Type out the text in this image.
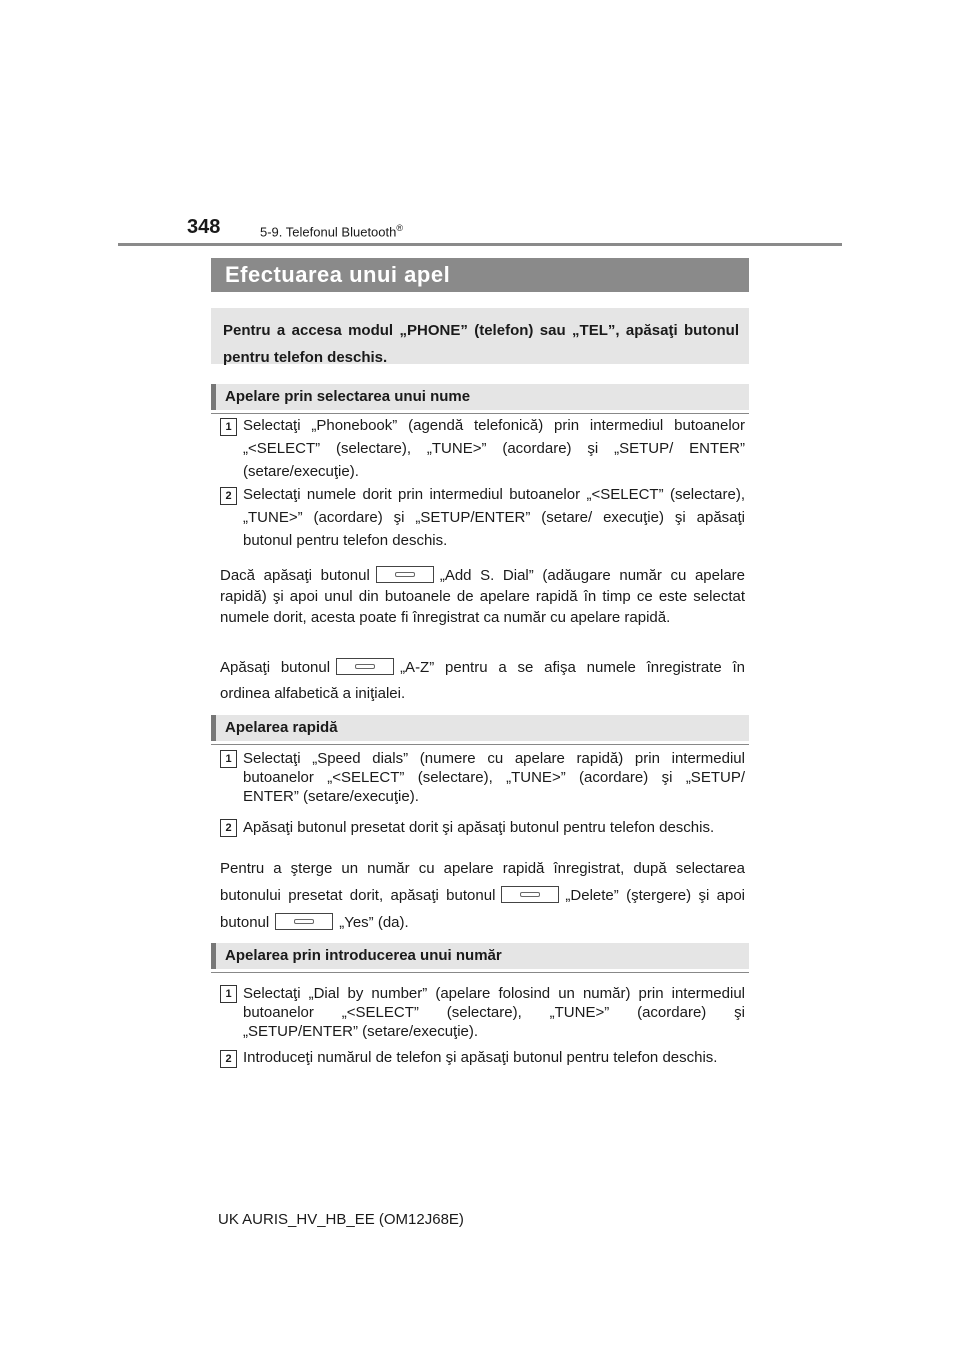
348	5-9. Telefonul Bluetooth®
Efectuarea unui apel
Pentru a accesa modul „PHONE” (telefon) sau „TEL”, apăsaţi butonul pentru telefon deschis.
Apelare prin selectarea unui nume
1 Selectaţi „Phonebook” (agendă telefonică) prin intermediul butoanelor „<SELECT” (selectare), „TUNE>” (acordare) şi „SETUP/ ENTER” (setare/execuţie).
2 Selectaţi numele dorit prin intermediul butoanelor „<SELECT” (selectare), „TUNE>” (acordare) şi „SETUP/ENTER” (setare/ execuţie) şi apăsaţi butonul pentru telefon deschis.
Dacă apăsaţi butonul	„Add S. Dial” (adăugare număr cu apelare rapidă) şi apoi unul din butoanele de apelare rapidă în timp ce este selectat numele dorit, acesta poate fi înregistrat ca număr cu apelare rapidă.
Apăsaţi butonul	„A-Z” pentru a se afişa numele înregistrate în ordinea alfabetică a iniţialei.
Apelarea rapidă
1 Selectaţi „Speed dials” (numere cu apelare rapidă) prin intermediul butoanelor „<SELECT” (selectare), „TUNE>” (acordare) şi „SETUP/ ENTER” (setare/execuţie).
2 Apăsaţi butonul presetat dorit şi apăsaţi butonul pentru telefon deschis.
Pentru a şterge un număr cu apelare rapidă înregistrat, după selectarea butonului presetat dorit, apăsaţi butonul	„Delete” (ştergere) şi apoi butonul	„Yes” (da).
Apelarea prin introducerea unui număr
1 Selectaţi „Dial by number” (apelare folosind un număr) prin intermediul butoanelor „<SELECT” (selectare), „TUNE>” (acordare) şi „SETUP/ENTER” (setare/execuţie).
2 Introduceţi numărul de telefon şi apăsaţi butonul pentru telefon deschis.
UK AURIS_HV_HB_EE (OM12J68E)
